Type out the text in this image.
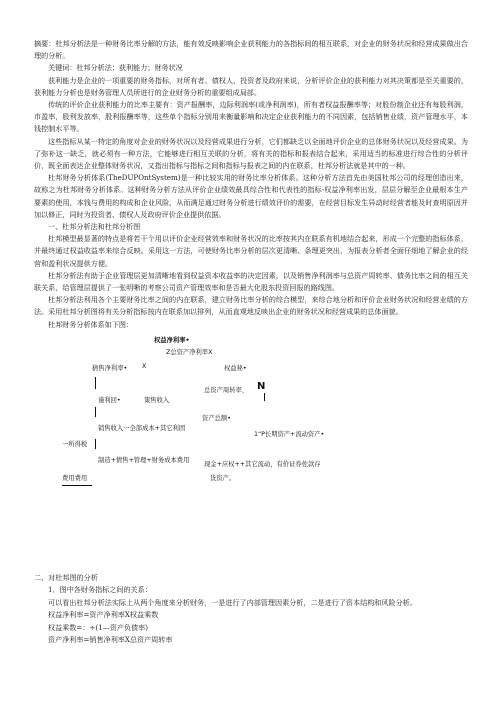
摘要：杜邦分析法是一种财务比率分解的方法，能有效反映影响企业获利能力的各指标间的相互联系，对企业的财务状况和经营成果做出合理的分析。

关键词：杜邦分析法；获利能力；财务状况

获利能力是企业的一项重要的财务指标，对所有者、债权人、投资者及政府来说，分析评价企业的获利能力对其决策都是至关重要的，获利能力分析也是财务管理人员所进行的企业财务分析的重要组成局部。

传统的评价企业获利能力的比率主要有：资产报酬率，边际利润率(或净利润率)，所有者权益报酬率等；对股份制企业还有每股利润，市盈率，股利发放率，股利报酬率等，这些单个指标分别用来衡量影响和决定企业获利能力的不同因素，包括销售业绩，资产管理水平，本钱控制水平等。

这些指标从某一特定的角度对企业的财务状况以及经营成果进行分析，它们都缺乏以全面地评价企业的总体财务状况以及经营成果。为了弥补这一缺乏，就必须有一种方法，它能够进行相互关联的分析，将有关的指标和报表结合起来，采用适当的标准进行综合性的分析评价，既全面表达企业整体财务状况，又指出指标与指标之间和指标与报表之间的内在联系，杜邦分析法就是其中的一种。

杜邦财务分析体系(TheDUPOntSystem)是一种比较实用的财务比率分析体系。这种分析方法首先由美国杜邦公司的经理创造出来，故称之为杜邦财务分析体系。这种财务分析方法从评价企业绩效最具综合性和代表性的指标-权益净利率出发，层层分解至企业最根本生产要素的使用，本钱与费用的构成和企业风险，从而满足通过财务分析进行绩效评价的需要，在经营目标发生异动时经营者能及时查明原因并加以修正，同时为投资者、债权人及政府评价企业提供依据。

一、杜邦分析法和杜邦分析图

杜邦模型最显著的特点是将若干个用以评价企业经营效率和财务状况的比率按其内在联系有机地结合起来，形成一个完整的指标体系，并最终通过权益收益率来综合反映。采用这一方法，可使财务比率分析的层次更清晰、条理更突出，为报表分析者全面仔细地了解企业的经营和盈利状况提供方便。

杜邦分析法有助于企业管理层更加清晰地看到权益资本收益率的决定因素，以及销售净利润率与总资产周转率、债务比率之间的相互关联关系，给管理层提供了一张明晰的考察公司资产管理效率和是否最大化股东投资回报的路线图。

杜邦分析法利用各个主要财务比率之间的内在联系，建立财务比率分析的综合模型，来综合地分析和评价企业财务状况和经营业绩的方法。采用杜邦分析图将有关分析指标按内在联系加以排列，从而直观地反映出企业的财务状况和经营成果的总体面貌。

杜邦财务分析体系如下图：

权益净利率•
Z总资产净利率X
X
猜售净利率•	权益秘•
总资产周转率、 N
谨利回•	策售收入
资产总额•
销售收入一全部成本+其它利固
一所得税
1“P长期资产+流动资产•
制造+情售+管理+财务成本费用
现金+应权++其它流动，有价证券佐款存
费用费用	货资产。

二、对杜邦图的分析

1．图中各财务指标之间的关系：

可以看出杜邦分析法实际上从两个角度来分析财务，一是进行了内部管理因素分析，二是进行了资本结构和风险分析。

权益净利率=资产净利率X权益乘数

权益乘数=：÷(1—资产负债率)

资产净利率=销售净利率X总资产周转率
